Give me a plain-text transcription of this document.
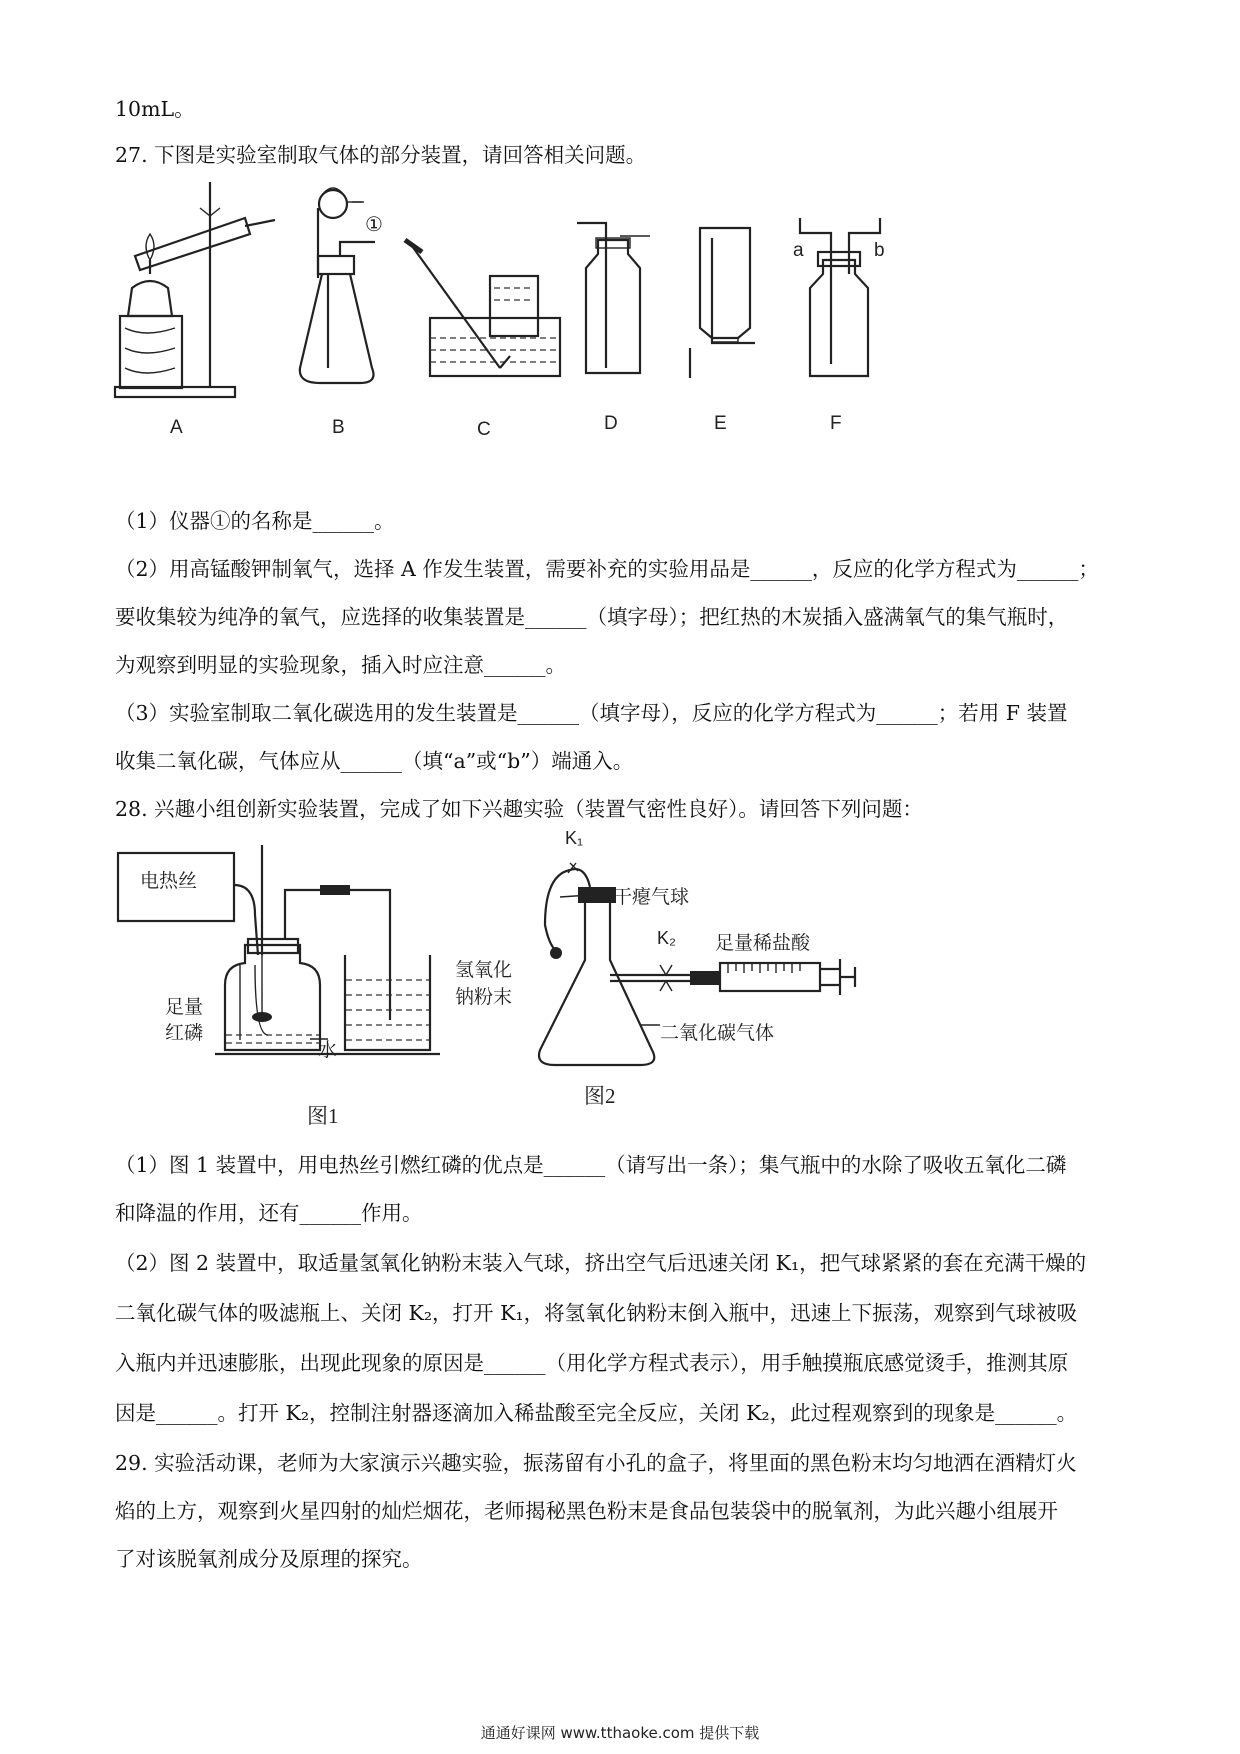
10mL。
27. 下图是实验室制取气体的部分装置，请回答相关问题。
A	B	C	D	E	F
①
a	b
（1）仪器①的名称是______。
（2）用高锰酸钾制氧气，选择 A 作发生装置，需要补充的实验用品是______，反应的化学方程式为______；
要收集较为纯净的氧气，应选择的收集装置是______（填字母）；把红热的木炭插入盛满氧气的集气瓶时，
为观察到明显的实验现象，插入时应注意______。
（3）实验室制取二氧化碳选用的发生装置是______（填字母），反应的化学方程式为______；若用 F 装置
收集二氧化碳，气体应从______（填“a”或“b”）端通入。
28. 兴趣小组创新实验装置，完成了如下兴趣实验（装置气密性良好）。请回答下列问题：
电热丝
足量
红磷
水
图1
K₁
干瘪气球
K₂ 足量稀盐酸
氢氧化
钠粉末
二氧化碳气体
图2
（1）图 1 装置中，用电热丝引燃红磷的优点是______（请写出一条）；集气瓶中的水除了吸收五氧化二磷
和降温的作用，还有______作用。
（2）图 2 装置中，取适量氢氧化钠粉末装入气球，挤出空气后迅速关闭 K₁，把气球紧紧的套在充满干燥的
二氧化碳气体的吸滤瓶上、关闭 K₂，打开 K₁，将氢氧化钠粉末倒入瓶中，迅速上下振荡，观察到气球被吸
入瓶内并迅速膨胀，出现此现象的原因是______（用化学方程式表示），用手触摸瓶底感觉烫手，推测其原
因是______。打开 K₂，控制注射器逐滴加入稀盐酸至完全反应，关闭 K₂，此过程观察到的现象是______。
29. 实验活动课，老师为大家演示兴趣实验，振荡留有小孔的盒子，将里面的黑色粉末均匀地洒在酒精灯火
焰的上方，观察到火星四射的灿烂烟花，老师揭秘黑色粉末是食品包装袋中的脱氧剂，为此兴趣小组展开
了对该脱氧剂成分及原理的探究。
通通好课网 www.tthaoke.com 提供下载
